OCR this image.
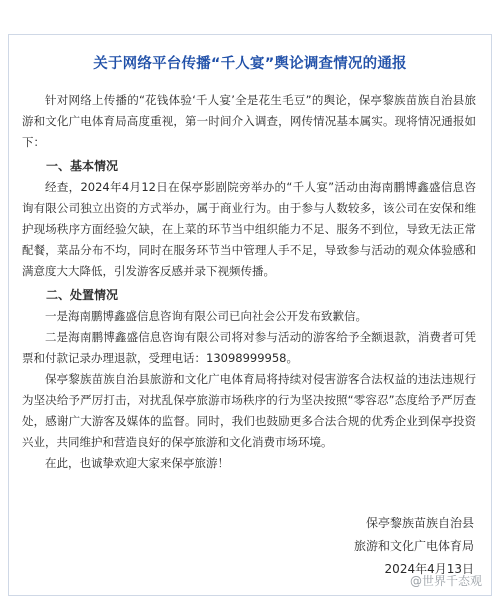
关于网络平台传播“千人宴”舆论调查情况的通报

针对网络上传播的“花钱体验‘千人宴’全是花生毛豆”的舆论，保亭黎族苗族自治县旅游和文化广电体育局高度重视，第一时间介入调查，网传情况基本属实。现将情况通报如下：

一、基本情况

经查，2024年4月12日在保亭影剧院旁举办的“千人宴”活动由海南鹏博鑫盛信息咨询有限公司独立出资的方式举办，属于商业行为。由于参与人数较多，该公司在安保和维护现场秩序方面经验欠缺，在上菜的环节当中组织能力不足、服务不到位，导致无法正常配餐，菜品分布不均，同时在服务环节当中管理人手不足，导致参与活动的观众体验感和满意度大大降低，引发游客反感并录下视频传播。

二、处置情况

一是海南鹏博鑫盛信息咨询有限公司已向社会公开发布致歉信。

二是海南鹏博鑫盛信息咨询有限公司将对参与活动的游客给予全额退款，消费者可凭票和付款记录办理退款，受理电话：13098999958。

保亭黎族苗族自治县旅游和文化广电体育局将持续对侵害游客合法权益的违法违规行为坚决给予严厉打击，对扰乱保亭旅游市场秩序的行为坚决按照“零容忍”态度给予严厉查处，感谢广大游客及媒体的监督。同时，我们也鼓励更多合法合规的优秀企业到保亭投资兴业，共同维护和营造良好的保亭旅游和文化消费市场环境。

在此，也诚挚欢迎大家来保亭旅游！

保亭黎族苗族自治县
旅游和文化广电体育局
2024年4月13日
@世界千态观
